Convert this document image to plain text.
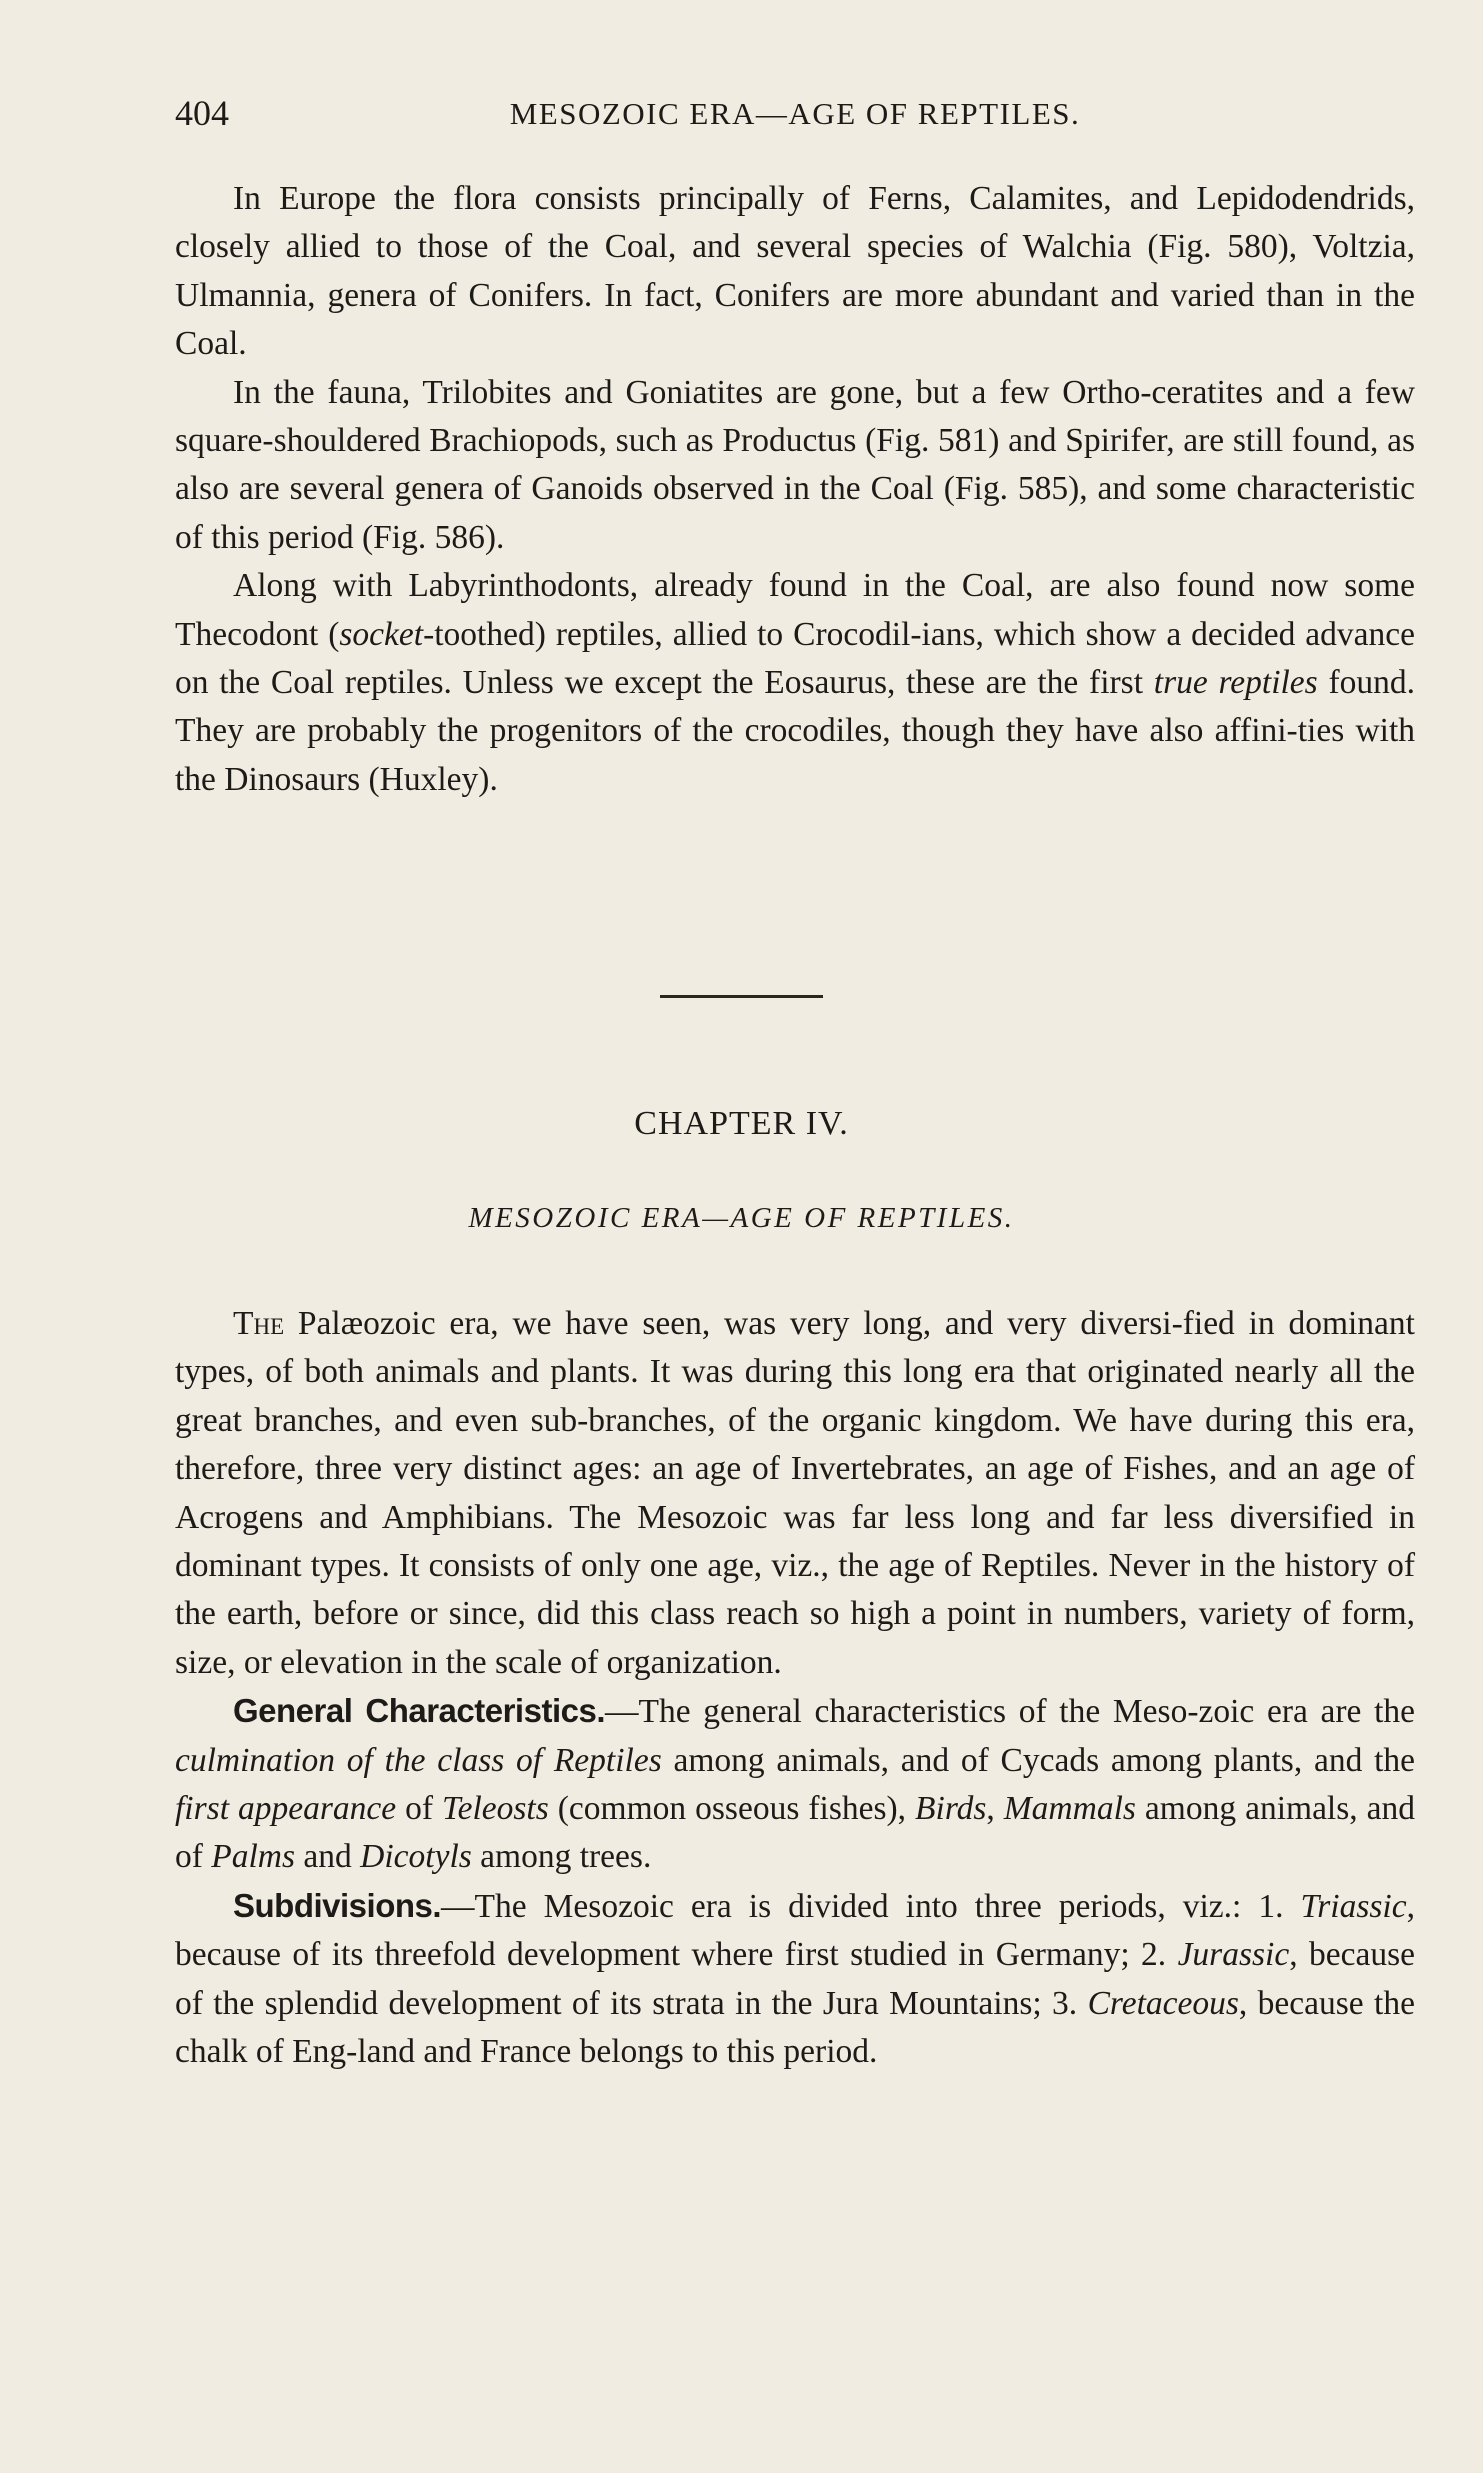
404	MESOZOIC ERA—AGE OF REPTILES.

In Europe the flora consists principally of Ferns, Calamites, and Lepidodendrids, closely allied to those of the Coal, and several species of Walchia (Fig. 580), Voltzia, Ulmannia, genera of Conifers. In fact, Conifers are more abundant and varied than in the Coal.

In the fauna, Trilobites and Goniatites are gone, but a few Ortho-ceratites and a few square-shouldered Brachiopods, such as Productus (Fig. 581) and Spirifer, are still found, as also are several genera of Ganoids observed in the Coal (Fig. 585), and some characteristic of this period (Fig. 586).

Along with Labyrinthodonts, already found in the Coal, are also found now some Thecodont (socket-toothed) reptiles, allied to Crocodil-ians, which show a decided advance on the Coal reptiles. Unless we except the Eosaurus, these are the first true reptiles found. They are probably the progenitors of the crocodiles, though they have also affini-ties with the Dinosaurs (Huxley).

CHAPTER IV.
MESOZOIC ERA—AGE OF REPTILES.

The Palæozoic era, we have seen, was very long, and very diversi-fied in dominant types, of both animals and plants. It was during this long era that originated nearly all the great branches, and even sub-branches, of the organic kingdom. We have during this era, therefore, three very distinct ages: an age of Invertebrates, an age of Fishes, and an age of Acrogens and Amphibians. The Mesozoic was far less long and far less diversified in dominant types. It consists of only one age, viz., the age of Reptiles. Never in the history of the earth, before or since, did this class reach so high a point in numbers, variety of form, size, or elevation in the scale of organization.

General Characteristics.—The general characteristics of the Meso-zoic era are the culmination of the class of Reptiles among animals, and of Cycads among plants, and the first appearance of Teleosts (common osseous fishes), Birds, Mammals among animals, and of Palms and Dicotyls among trees.

Subdivisions.—The Mesozoic era is divided into three periods, viz.: 1. Triassic, because of its threefold development where first studied in Germany; 2. Jurassic, because of the splendid development of its strata in the Jura Mountains; 3. Cretaceous, because the chalk of Eng-land and France belongs to this period.
